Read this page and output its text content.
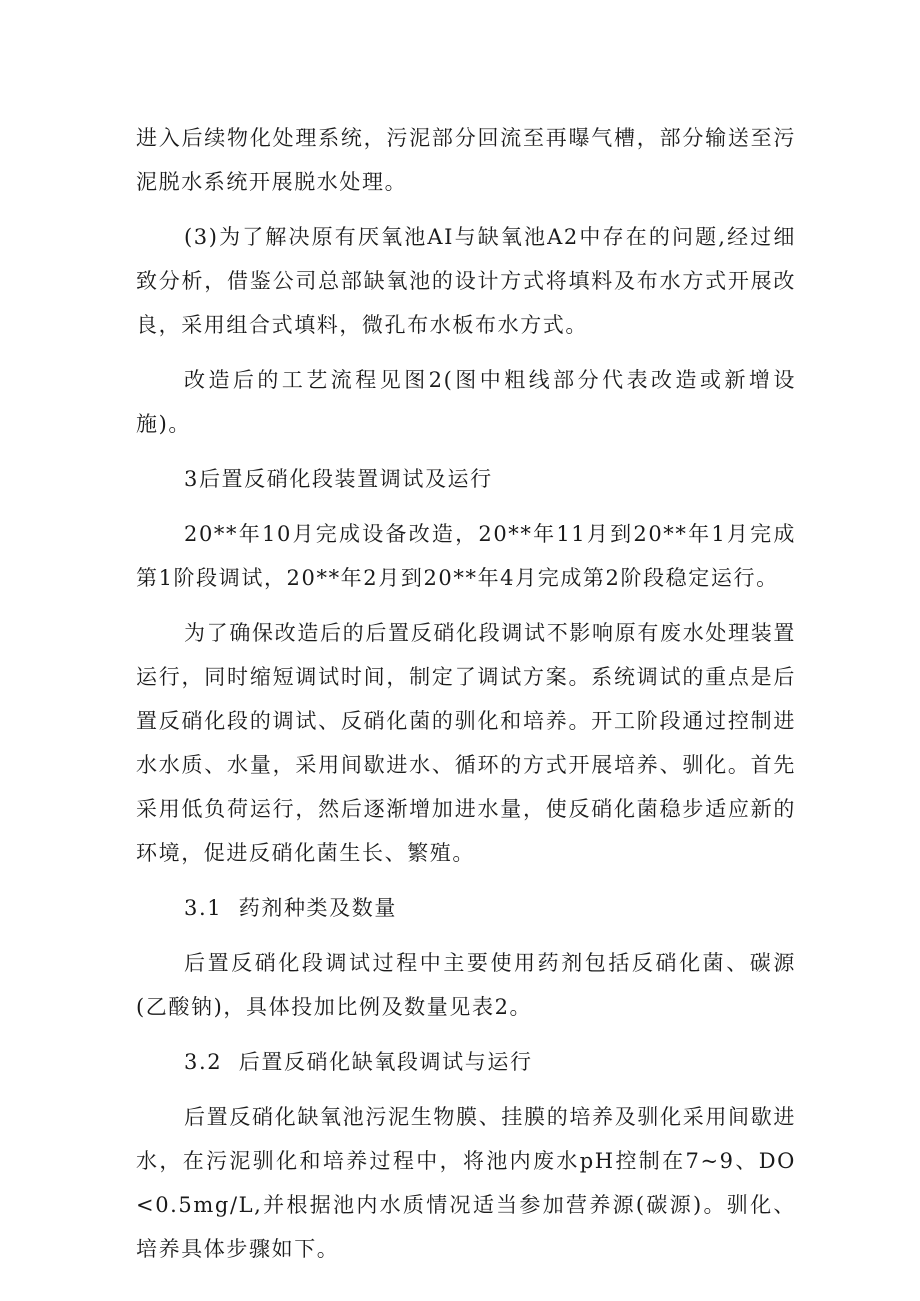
进入后续物化处理系统，污泥部分回流至再曝气槽，部分输送至污泥脱水系统开展脱水处理。

(3)为了解决原有厌氧池AI与缺氧池A2中存在的问题,经过细致分析，借鉴公司总部缺氧池的设计方式将填料及布水方式开展改良，采用组合式填料，微孔布水板布水方式。

改造后的工艺流程见图2(图中粗线部分代表改造或新增设施)。

3后置反硝化段装置调试及运行

20**年10月完成设备改造，20**年11月到20**年1月完成第1阶段调试，20**年2月到20**年4月完成第2阶段稳定运行。

为了确保改造后的后置反硝化段调试不影响原有废水处理装置运行，同时缩短调试时间，制定了调试方案。系统调试的重点是后置反硝化段的调试、反硝化菌的驯化和培养。开工阶段通过控制进水水质、水量，采用间歇进水、循环的方式开展培养、驯化。首先采用低负荷运行，然后逐渐增加进水量，使反硝化菌稳步适应新的环境，促进反硝化菌生长、繁殖。

3.1  药剂种类及数量

后置反硝化段调试过程中主要使用药剂包括反硝化菌、碳源(乙酸钠)，具体投加比例及数量见表2。

3.2  后置反硝化缺氧段调试与运行

后置反硝化缺氧池污泥生物膜、挂膜的培养及驯化采用间歇进水，在污泥驯化和培养过程中，将池内废水pH控制在7~9、DO<0.5mg/L,并根据池内水质情况适当参加营养源(碳源)。驯化、培养具体步骤如下。
